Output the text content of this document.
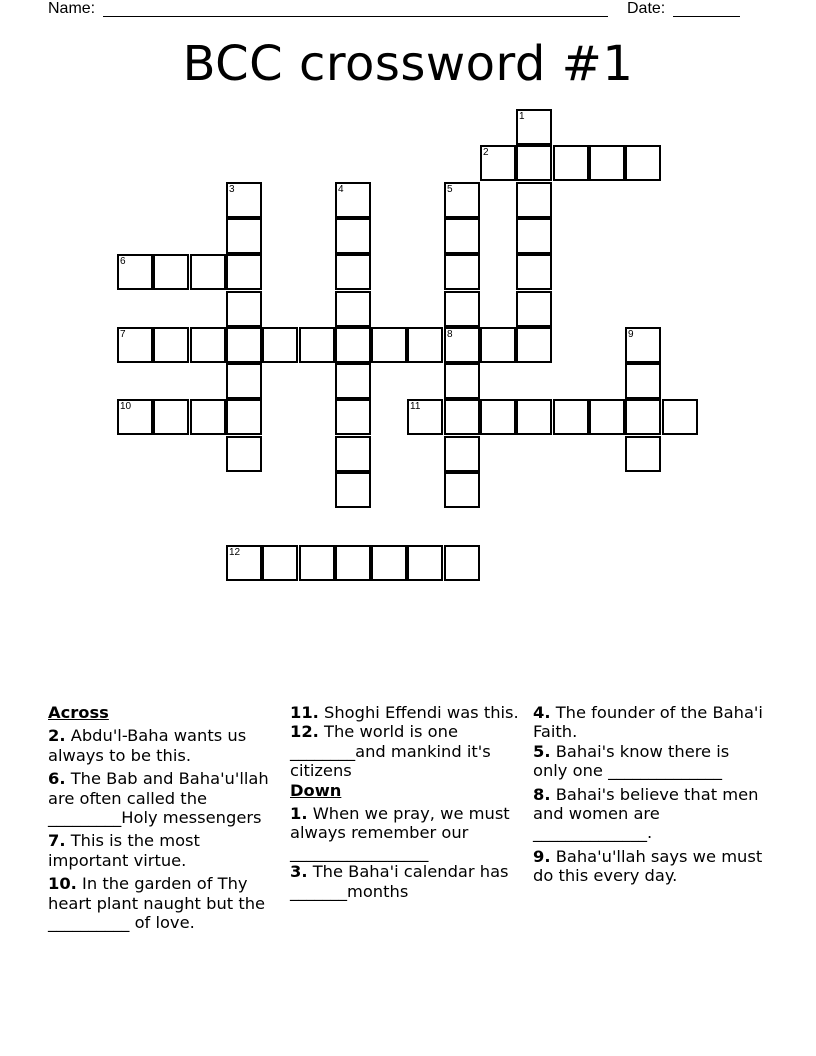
Name:	Date:
BCC crossword #1
1
2
3	4	5
6
7	8	9
10	11
12
Across
2. Abdu'l-Baha wants us always to be this.
6. The Bab and Baha'u'llah are often called the _________Holy messengers
7. This is the most important virtue.
10. In the garden of Thy heart plant naught but the __________ of love.
11. Shoghi Effendi was this.
12. The world is one ________and mankind it's citizens
Down
1. When we pray, we must always remember our _________________
3. The Baha'i calendar has _______months
4. The founder of the Baha'i Faith.
5. Bahai's know there is only one ______________
8. Bahai's believe that men and women are ______________.
9. Baha'u'llah says we must do this every day.
